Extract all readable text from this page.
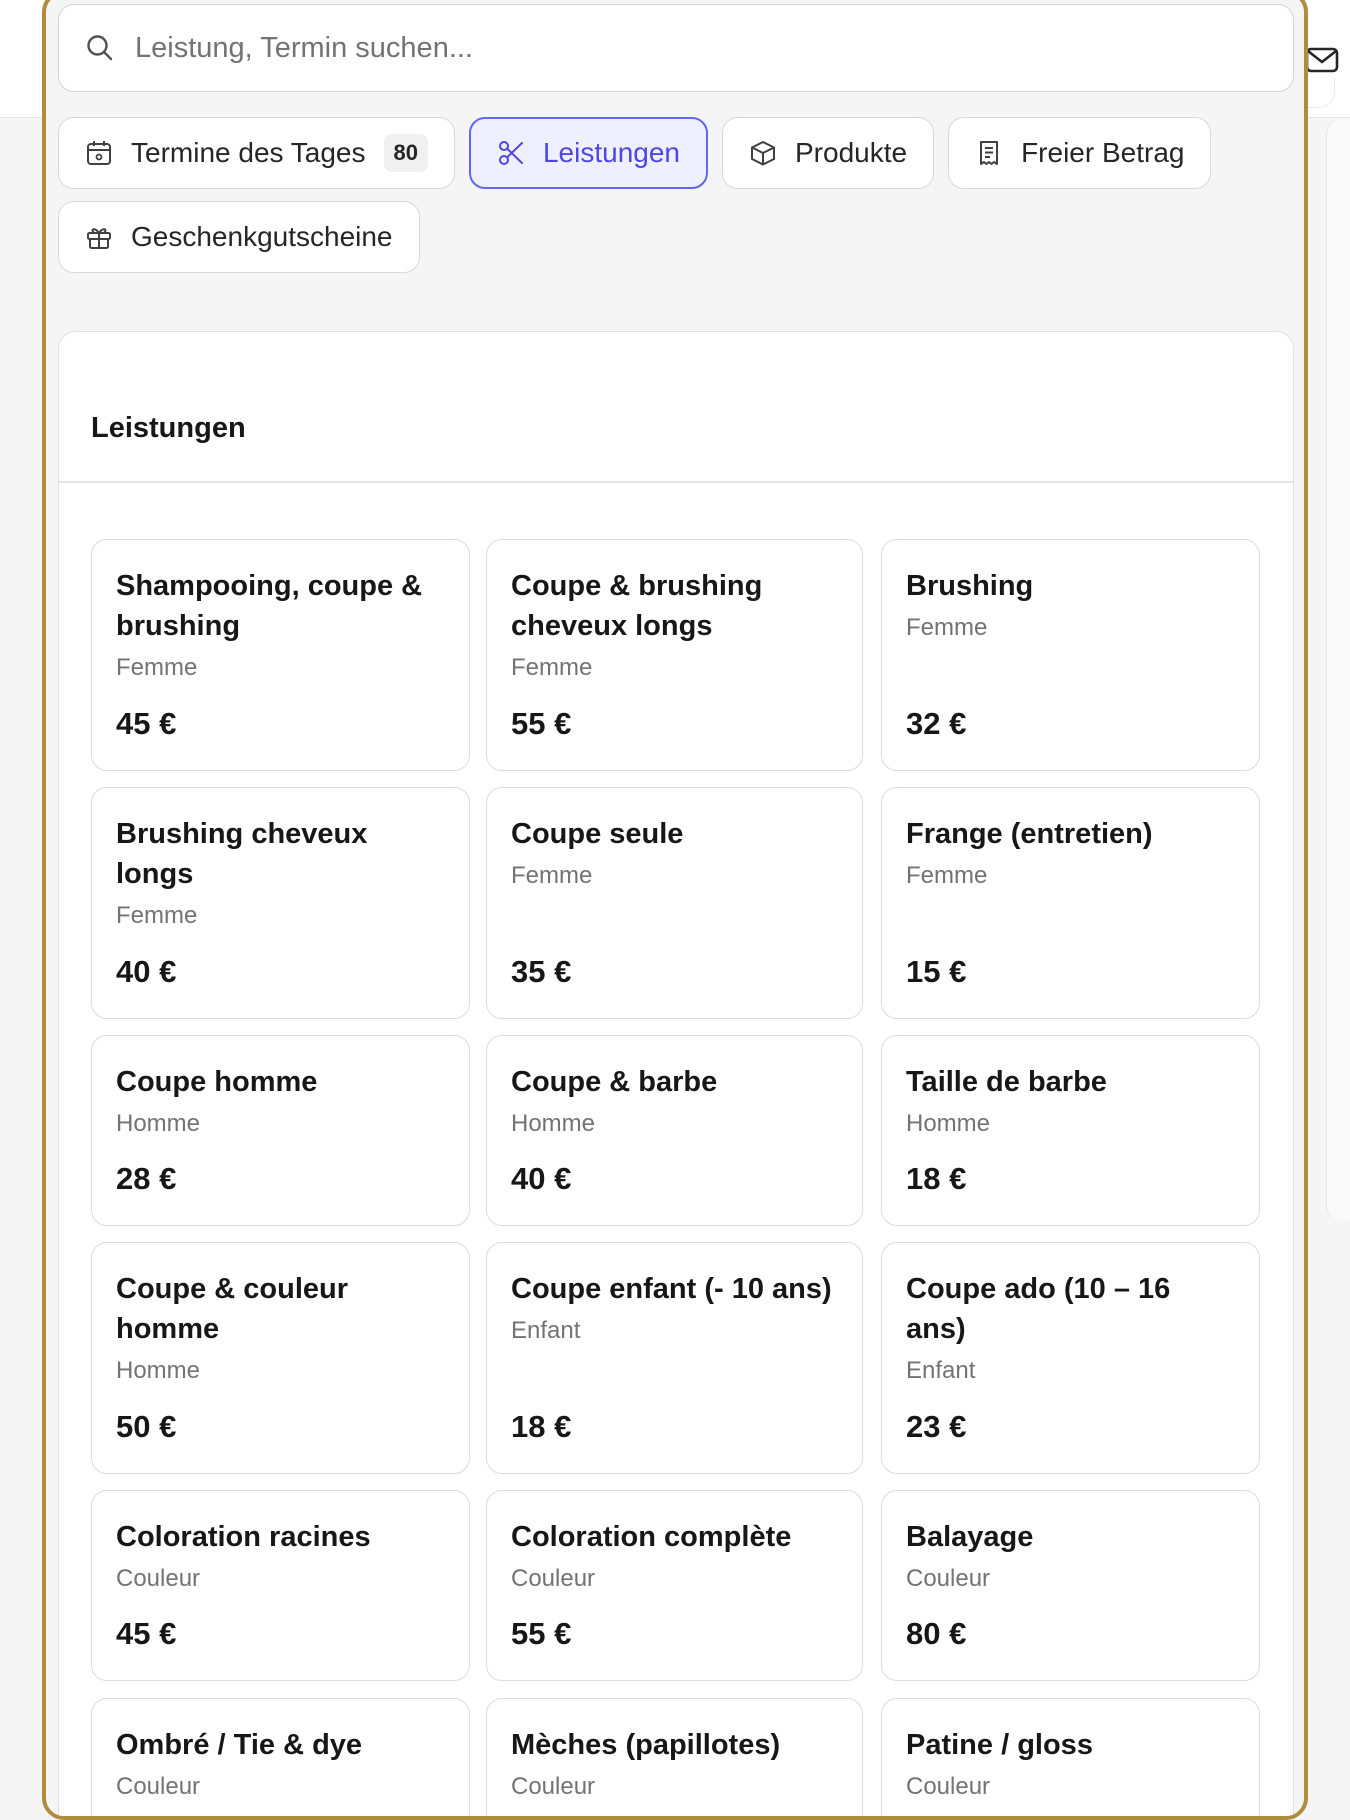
Leistung, Termin suchen...
Termine des Tages	80	Leistungen	Produkte	Freier Betrag
Geschenkgutscheine
Leistungen
Shampooing, coupe & brushing
Femme
45 €
Coupe & brushing cheveux longs
Femme
55 €
Brushing
Femme
32 €
Brushing cheveux longs
Femme
40 €
Coupe seule
Femme
35 €
Frange (entretien)
Femme
15 €
Coupe homme
Homme
28 €
Coupe & barbe
Homme
40 €
Taille de barbe
Homme
18 €
Coupe & couleur homme
Homme
50 €
Coupe enfant (- 10 ans)
Enfant
18 €
Coupe ado (10 – 16 ans)
Enfant
23 €
Coloration racines
Couleur
45 €
Coloration complète
Couleur
55 €
Balayage
Couleur
80 €
Ombré / Tie & dye
Couleur
Mèches (papillotes)
Couleur
Patine / gloss
Couleur
